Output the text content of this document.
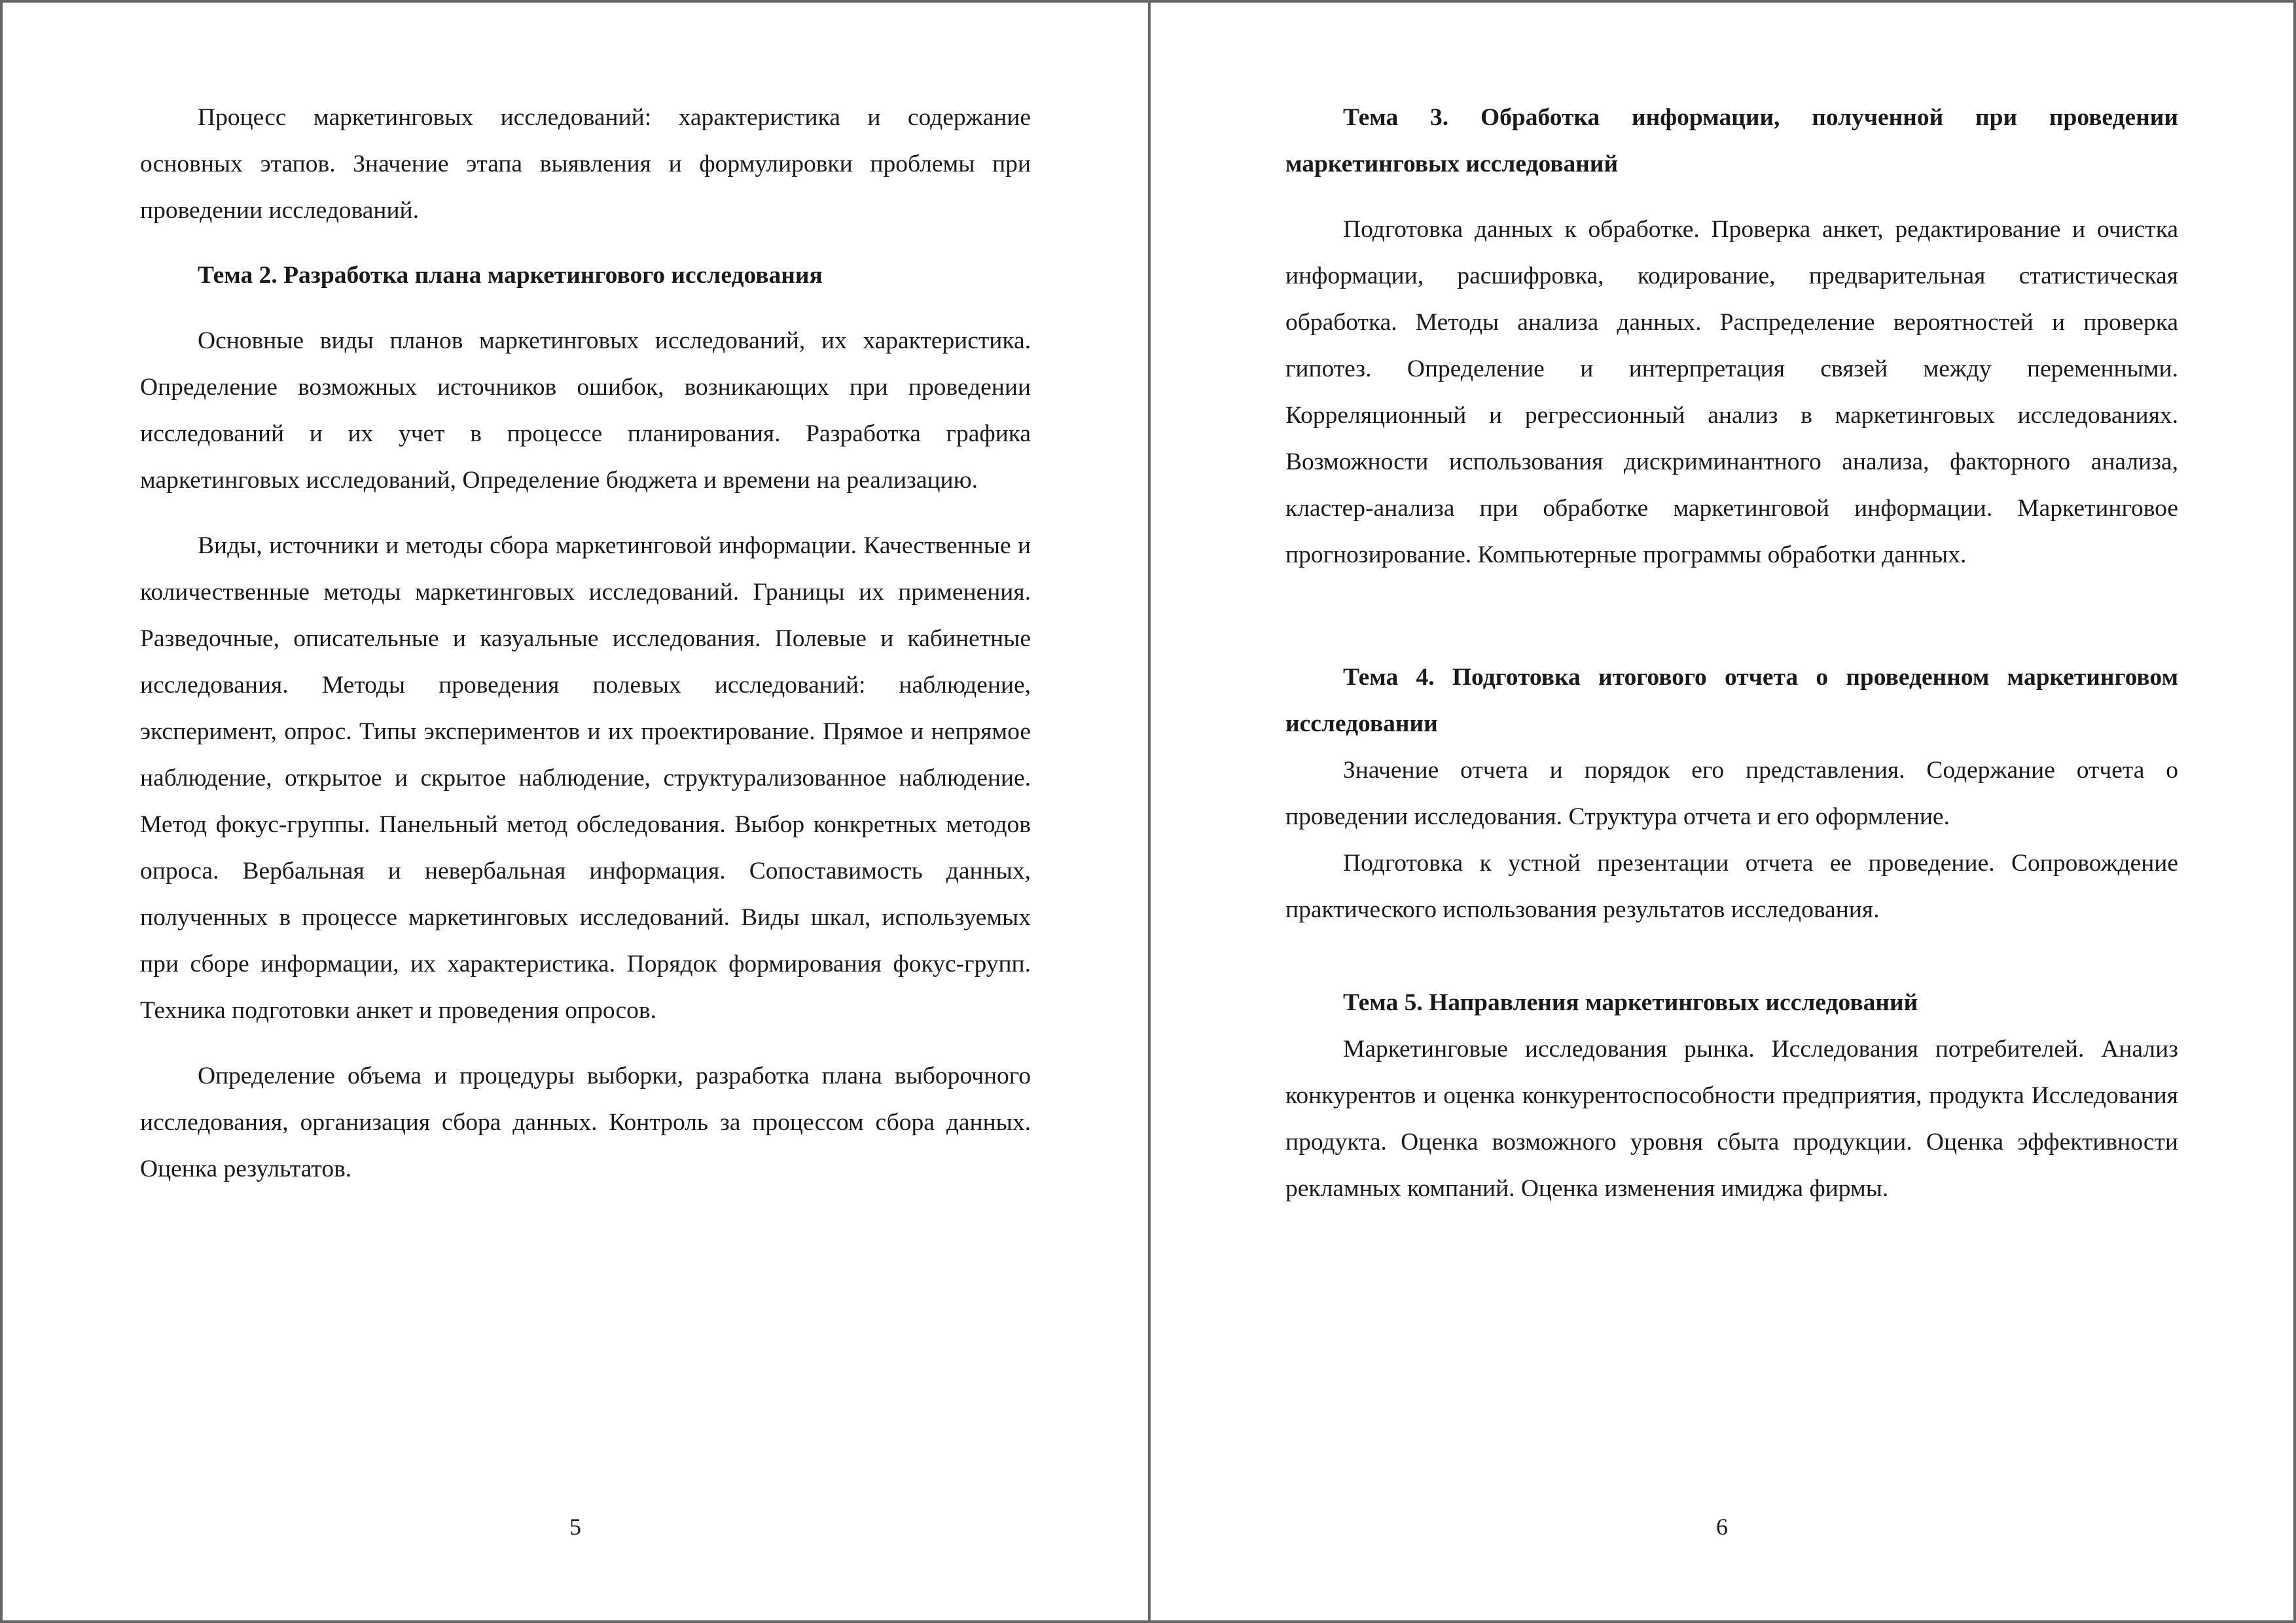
Процесс маркетинговых исследований: характеристика и содержание основных этапов. Значение этапа выявления и формулировки проблемы при проведении исследований.

Тема 2. Разработка плана маркетингового исследования

Основные виды планов маркетинговых исследований, их характеристика. Определение возможных источников ошибок, возникающих при проведении исследований и их учет в процессе планирования. Разработка графика маркетинговых исследований, Определение бюджета и времени на реализацию.

Виды, источники и методы сбора маркетинговой информации. Качественные и количественные методы маркетинговых исследований. Границы их применения. Разведочные, описательные и казуальные исследования. Полевые и кабинетные исследования. Методы проведения полевых исследований: наблюдение, эксперимент, опрос. Типы экспериментов и их проектирование. Прямое и непрямое наблюдение, открытое и скрытое наблюдение, структурализованное наблюдение. Метод фокус-группы. Панельный метод обследования. Выбор конкретных методов опроса. Вербальная и невербальная информация. Сопоставимость данных, полученных в процессе маркетинговых исследований. Виды шкал, используемых при сборе информации, их характеристика. Порядок формирования фокус-групп. Техника подготовки анкет и проведения опросов.

Определение объема и процедуры выборки, разработка плана выборочного исследования, организация сбора данных. Контроль за процессом сбора данных. Оценка результатов.

5
Тема 3. Обработка информации, полученной при проведении маркетинговых исследований

Подготовка данных к обработке. Проверка анкет, редактирование и очистка информации, расшифровка, кодирование, предварительная статистическая обработка. Методы анализа данных. Распределение вероятностей и проверка гипотез. Определение и интерпретация связей между переменными. Корреляционный и регрессионный анализ в маркетинговых исследованиях. Возможности использования дискриминантного анализа, факторного анализа, кластер-анализа при обработке маркетинговой информации. Маркетинговое прогнозирование. Компьютерные программы обработки данных.

Тема 4. Подготовка итогового отчета о проведенном маркетинговом исследовании

Значение отчета и порядок его представления. Содержание отчета о проведении исследования. Структура отчета и его оформление.

Подготовка к устной презентации отчета ее проведение. Сопровождение практического использования результатов исследования.

Тема 5. Направления маркетинговых исследований

Маркетинговые исследования рынка. Исследования потребителей. Анализ конкурентов и оценка конкурентоспособности предприятия, продукта Исследования продукта. Оценка возможного уровня сбыта продукции. Оценка эффективности рекламных компаний. Оценка изменения имиджа фирмы.

6
